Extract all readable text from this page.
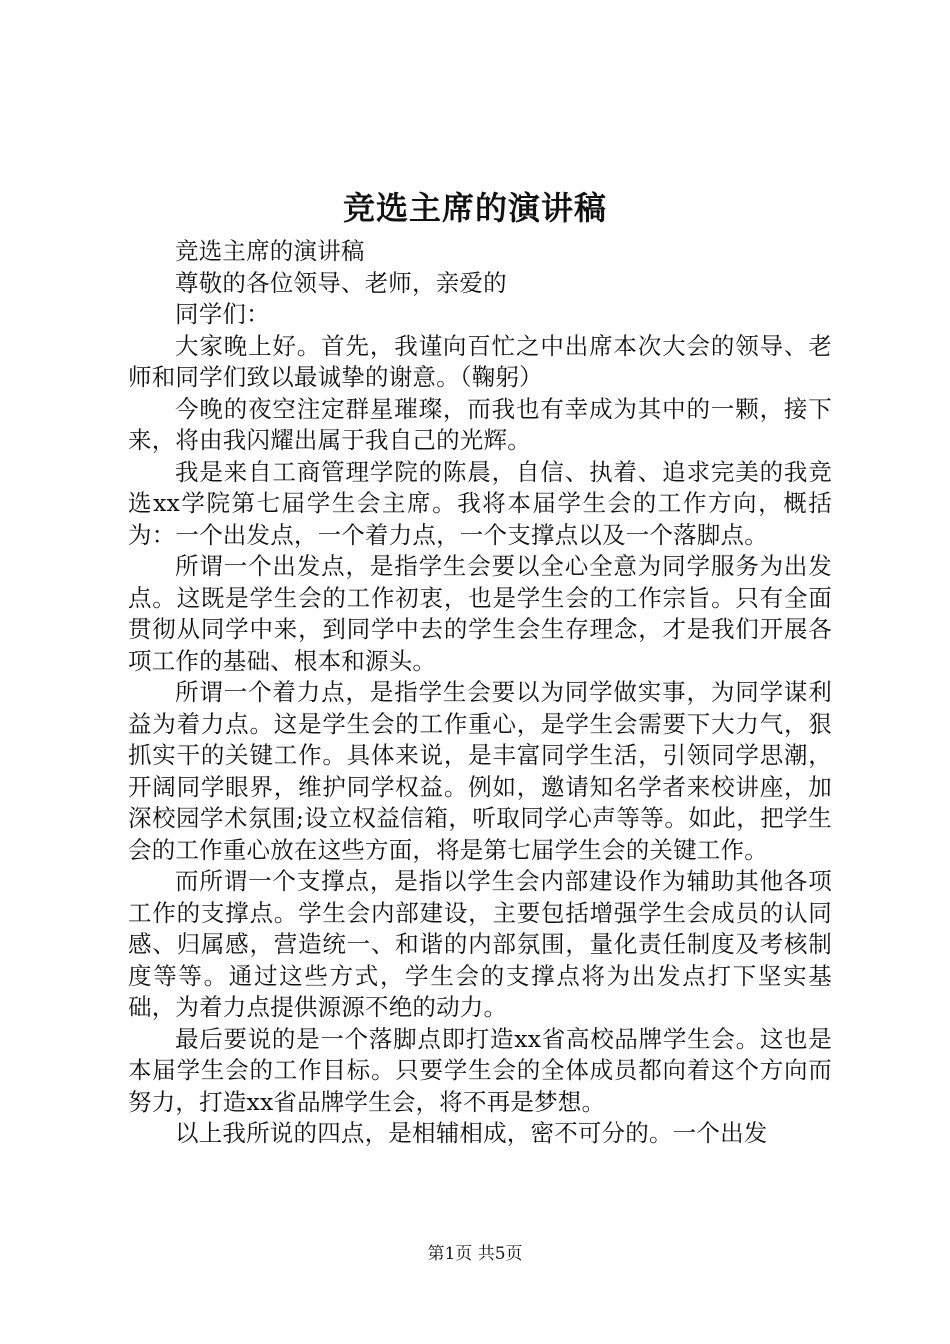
竞选主席的演讲稿

竞选主席的演讲稿

尊敬的各位领导、老师，亲爱的

同学们：

大家晚上好。首先，我谨向百忙之中出席本次大会的领导、老师和同学们致以最诚挚的谢意。（鞠躬）

今晚的夜空注定群星璀璨，而我也有幸成为其中的一颗，接下来，将由我闪耀出属于我自己的光辉。

我是来自工商管理学院的陈晨，自信、执着、追求完美的我竞选xx学院第七届学生会主席。我将本届学生会的工作方向，概括为：一个出发点，一个着力点，一个支撑点以及一个落脚点。

所谓一个出发点，是指学生会要以全心全意为同学服务为出发点。这既是学生会的工作初衷，也是学生会的工作宗旨。只有全面贯彻从同学中来，到同学中去的学生会生存理念，才是我们开展各项工作的基础、根本和源头。

所谓一个着力点，是指学生会要以为同学做实事，为同学谋利益为着力点。这是学生会的工作重心，是学生会需要下大力气，狠抓实干的关键工作。具体来说，是丰富同学生活，引领同学思潮，开阔同学眼界，维护同学权益。例如，邀请知名学者来校讲座，加深校园学术氛围;设立权益信箱，听取同学心声等等。如此，把学生会的工作重心放在这些方面，将是第七届学生会的关键工作。

而所谓一个支撑点，是指以学生会内部建设作为辅助其他各项工作的支撑点。学生会内部建设，主要包括增强学生会成员的认同感、归属感，营造统一、和谐的内部氛围，量化责任制度及考核制度等等。通过这些方式，学生会的支撑点将为出发点打下坚实基础，为着力点提供源源不绝的动力。

最后要说的是一个落脚点即打造xx省高校品牌学生会。这也是本届学生会的工作目标。只要学生会的全体成员都向着这个方向而努力，打造xx省品牌学生会，将不再是梦想。

以上我所说的四点，是相辅相成，密不可分的。一个出发

第1页 共5页
